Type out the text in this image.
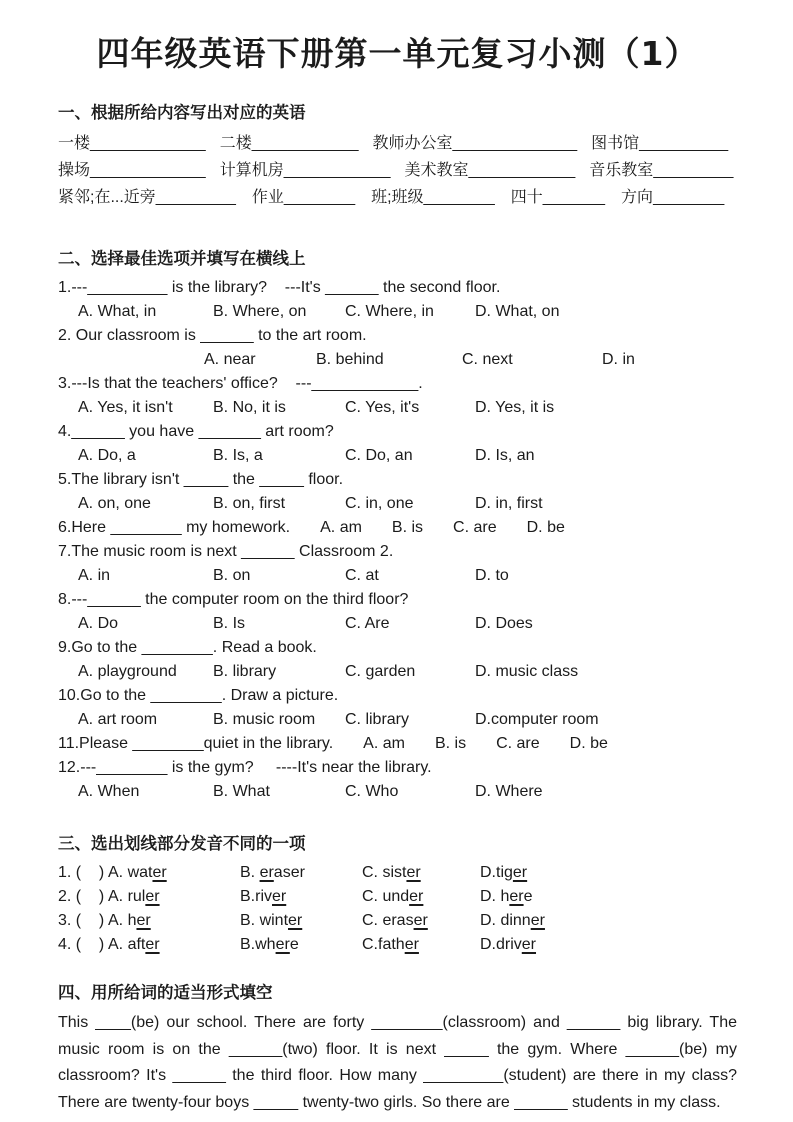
四年级英语下册第一单元复习小测（1）
一、根据所给内容写出对应的英语
一楼_____________ 二楼____________ 教师办公室______________ 图书馆__________
操场_____________ 计算机房____________ 美术教室____________ 音乐教室_________
紧邻;在...近旁_________ 作业________ 班;班级________ 四十_______ 方向________
二、选择最佳选项并填写在横线上
1.---_________ is the library?    ---It's ______ the second floor.
A. What, in	B. Where, on	C. Where, in	D. What, on
2. Our classroom is ______ to the art room.
A. near	B. behind	C. next	D. in
3.---Is that the teachers' office?    ---____________.
A. Yes, it isn't	B. No, it is	C. Yes, it's	D. Yes, it is
4.______ you have _______ art room?
A. Do, a	B. Is, a	C. Do, an	D. Is, an
5.The library isn't _____ the _____ floor.
A. on, one	B. on, first	C. in, one	D. in, first
6.Here ________ my homework. A. am B. is C. are D. be
7.The music room is next ______ Classroom 2.
A. in	B. on	C. at	D. to
8.---______ the computer room on the third floor?
A. Do	B. Is	C. Are	D. Does
9.Go to the ________. Read a book.
A. playground	B. library	C. garden	D. music class
10.Go to the ________. Draw a picture.
A. art room	B. music room	C. library	D.computer room
11.Please ________quiet in the library. A. am B. is C. are D. be
12.---________ is the gym?     ----It's near the library.
A. When	B. What	C. Who	D. Where
三、选出划线部分发音不同的一项
1. (    ) A. water	B. eraser	C. sister	D.tiger
2. (    ) A. ruler	B.river	C. under	D. here
3. (    ) A. her	B. winter	C. eraser	D. dinner
4. (    ) A. after	B.where	C.father	D.driver
四、用所给词的适当形式填空

This ____(be) our school. There are forty ________(classroom) and ______ big library. The music room is on the ______(two) floor. It is next _____ the gym. Where ______(be) my classroom? It's ______ the third floor. How many _________(student) are there in my class? There are twenty-four boys _____ twenty-two girls. So there are ______ students in my class.
